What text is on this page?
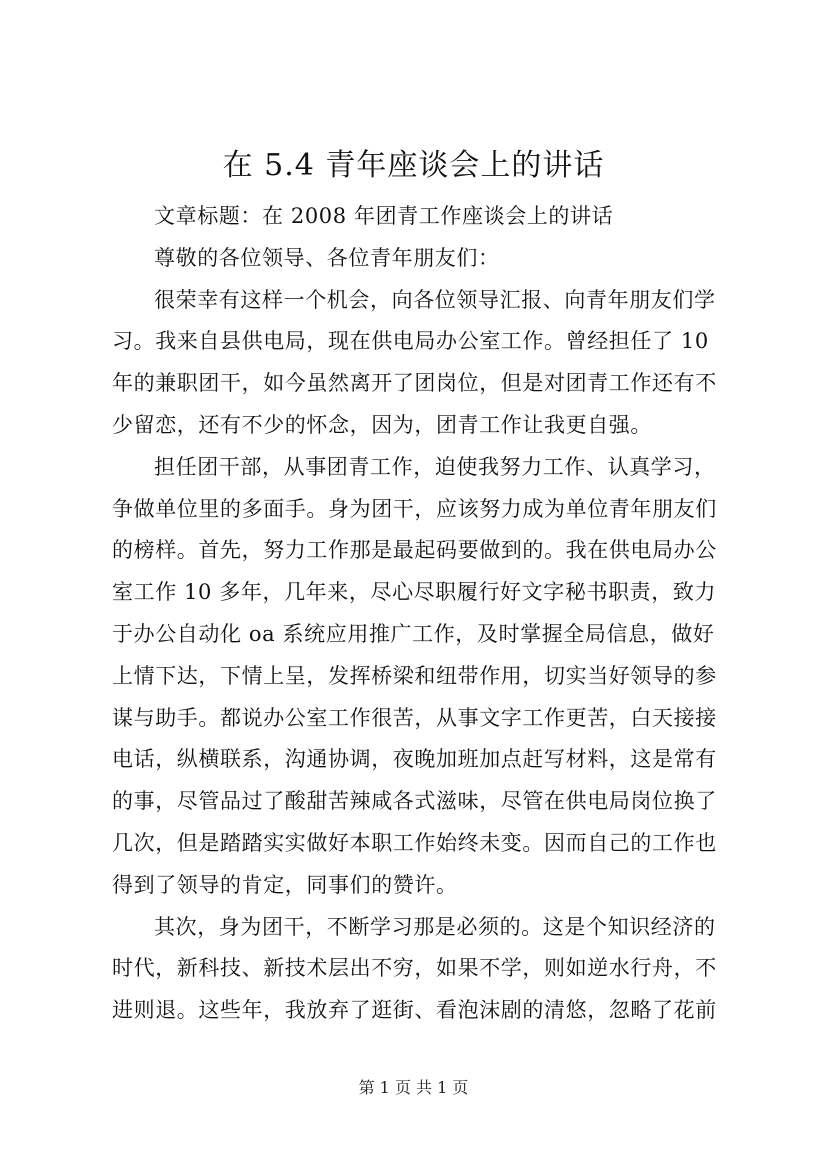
在 5.4 青年座谈会上的讲话
文章标题：在 2008 年团青工作座谈会上的讲话
尊敬的各位领导、各位青年朋友们：
很荣幸有这样一个机会，向各位领导汇报、向青年朋友们学
习。我来自县供电局，现在供电局办公室工作。曾经担任了 10
年的兼职团干，如今虽然离开了团岗位，但是对团青工作还有不
少留恋，还有不少的怀念，因为，团青工作让我更自强。
担任团干部，从事团青工作，迫使我努力工作、认真学习，
争做单位里的多面手。身为团干，应该努力成为单位青年朋友们
的榜样。首先，努力工作那是最起码要做到的。我在供电局办公
室工作 10 多年，几年来，尽心尽职履行好文字秘书职责，致力
于办公自动化 oa 系统应用推广工作，及时掌握全局信息，做好
上情下达，下情上呈，发挥桥梁和纽带作用，切实当好领导的参
谋与助手。都说办公室工作很苦，从事文字工作更苦，白天接接
电话，纵横联系，沟通协调，夜晚加班加点赶写材料，这是常有
的事，尽管品过了酸甜苦辣咸各式滋味，尽管在供电局岗位换了
几次，但是踏踏实实做好本职工作始终未变。因而自己的工作也
得到了领导的肯定，同事们的赞许。
其次，身为团干，不断学习那是必须的。这是个知识经济的
时代，新科技、新技术层出不穷，如果不学，则如逆水行舟，不
进则退。这些年，我放弃了逛街、看泡沫剧的清悠，忽略了花前
第 1 页 共 1 页
